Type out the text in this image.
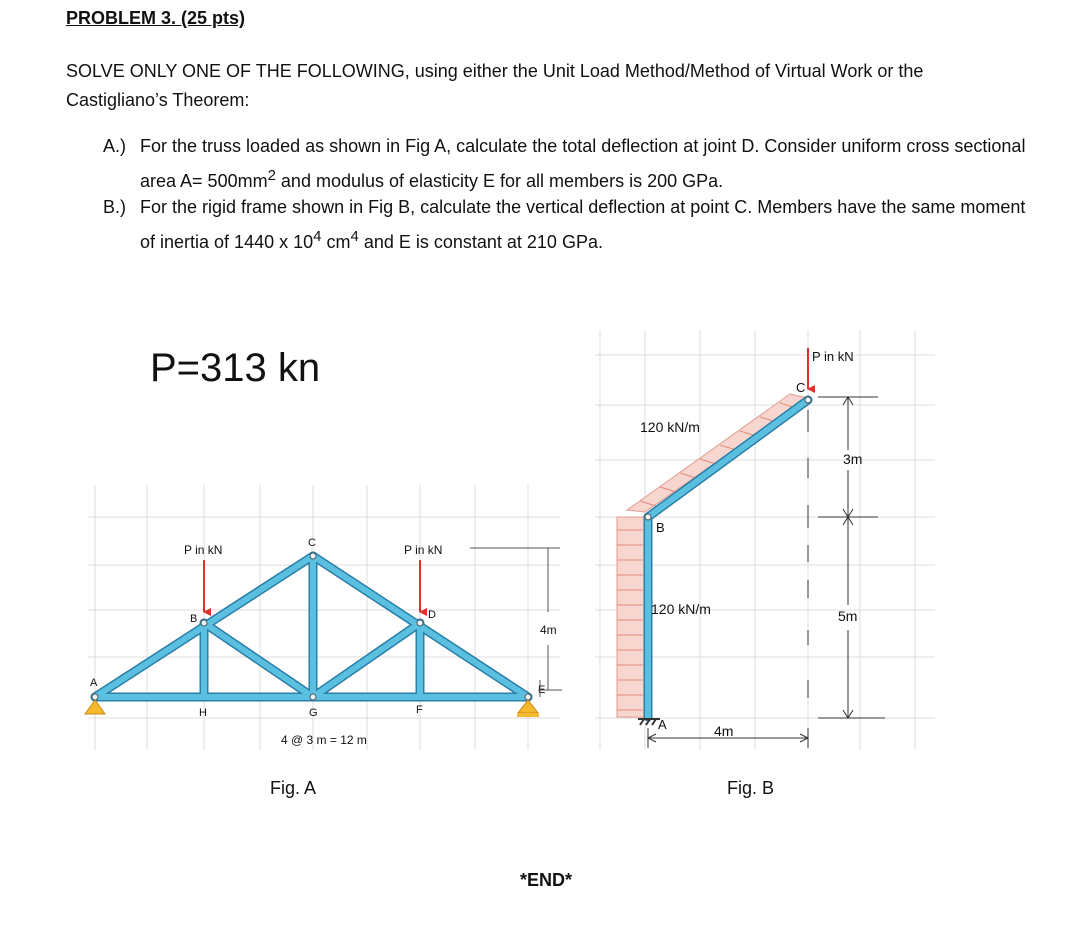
PROBLEM 3. (25 pts)
SOLVE ONLY ONE OF THE FOLLOWING, using either the Unit Load Method/Method of Virtual Work or the Castigliano’s Theorem:
A.) For the truss loaded as shown in Fig A, calculate the total deflection at joint D. Consider uniform cross sectional area $A= 500mm^2$ and modulus of elasticity E for all members is 200 GPa.
B.) For the rigid frame shown in Fig B, calculate the vertical deflection at point C. Members have the same moment of inertia of 1440 x $10^4$ $cm^4$ and E is constant at 210 GPa.
P=313 kn
P in kN	P in kN
A
B
C
D
E
F
G
H
4m
4 @ 3 m = 12 m
P in kN
C
B
A
120 kN/m
120 kN/m
3m
5m
4m
Fig. A	Fig. B
*END*
